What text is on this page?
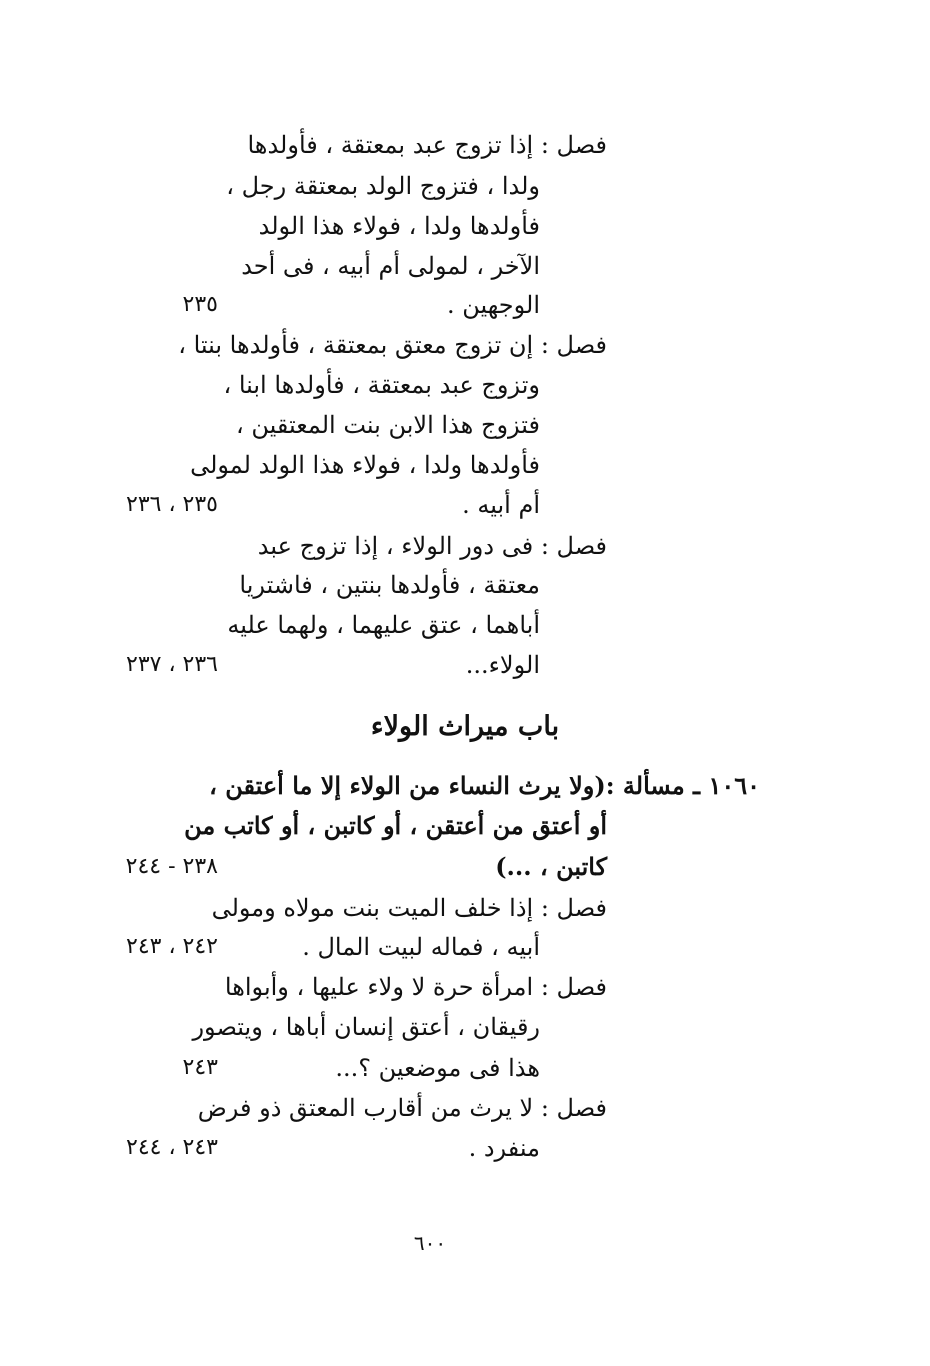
فصل : إذا تزوج عبد بمعتقة ، فأولدها
ولدا ، فتزوج الولد بمعتقة رجل ،
فأولدها ولدا ، فولاء هذا الولد
الآخر ، لمولى أم أبيه ، فى أحد
الوجهين .
٢٣٥
فصل : إن تزوج معتق بمعتقة ، فأولدها بنتا ،
وتزوج عبد بمعتقة ، فأولدها ابنا ،
فتزوج هذا الابن بنت المعتقين ،
فأولدها ولدا ، فولاء هذا الولد لمولى
أم أبيه .
٢٣٥ ، ٢٣٦
فصل : فى دور الولاء ، إذا تزوج عبد
معتقة ، فأولدها بنتين ، فاشتريا
أباهما ، عتق عليهما ، ولهما عليه
الولاء...
٢٣٦ ، ٢٣٧
باب ميراث الولاء
١٠٦٠ ـ مسألة :(ولا يرث النساء من الولاء إلا ما أعتقن ،
أو أعتق من أعتقن ، أو كاتبن ، أو كاتب من
كاتبن ، ...)
٢٣٨ - ٢٤٤
فصل : إذا خلف الميت بنت مولاه ومولى
أبيه ، فماله لبيت المال .
٢٤٢ ، ٢٤٣
فصل : امرأة حرة لا ولاء عليها ، وأبواها
رقيقان ، أعتق إنسان أباها ، ويتصور
هذا فى موضعين ؟...
٢٤٣
فصل : لا يرث من أقارب المعتق ذو فرض
منفرد .
٢٤٣ ، ٢٤٤
٦٠٠
